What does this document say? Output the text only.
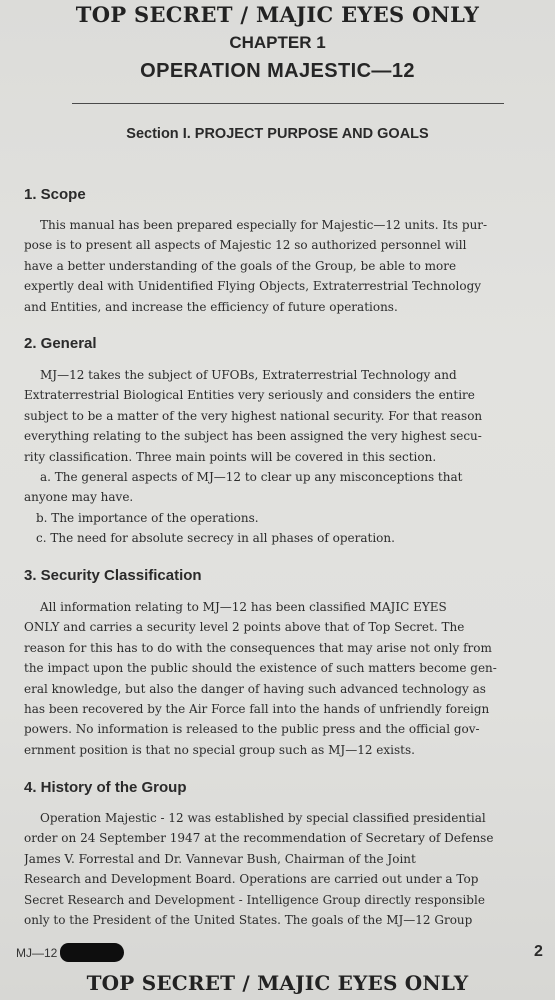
TOP SECRET / MAJIC EYES ONLY
CHAPTER 1
OPERATION MAJESTIC—12
Section I. PROJECT PURPOSE AND GOALS
1. Scope
This manual has been prepared especially for Majestic—12 units. Its pur-
pose is to present all aspects of Majestic 12 so authorized personnel will
have a better understanding of the goals of the Group, be able to more
expertly deal with Unidentified Flying Objects, Extraterrestrial Technology
and Entities, and increase the efficiency of future operations.
2. General
MJ—12 takes the subject of UFOBs, Extraterrestrial Technology and
Extraterrestrial Biological Entities very seriously and considers the entire
subject to be a matter of the very highest national security. For that reason
everything relating to the subject has been assigned the very highest secu-
rity classification. Three main points will be covered in this section.
a. The general aspects of MJ—12 to clear up any misconceptions that
anyone may have.
b. The importance of the operations.
c. The need for absolute secrecy in all phases of operation.
3. Security Classification
All information relating to MJ—12 has been classified MAJIC EYES
ONLY and carries a security level 2 points above that of Top Secret. The
reason for this has to do with the consequences that may arise not only from
the impact upon the public should the existence of such matters become gen-
eral knowledge, but also the danger of having such advanced technology as
has been recovered by the Air Force fall into the hands of unfriendly foreign
powers. No information is released to the public press and the official gov-
ernment position is that no special group such as MJ—12 exists.
4. History of the Group
Operation Majestic - 12 was established by special classified presidential
order on 24 September 1947 at the recommendation of Secretary of Defense
James V. Forrestal and Dr. Vannevar Bush, Chairman of the Joint
Research and Development Board. Operations are carried out under a Top
Secret Research and Development - Intelligence Group directly responsible
only to the President of the United States. The goals of the MJ—12 Group
MJ—12	2
TOP SECRET / MAJIC EYES ONLY
